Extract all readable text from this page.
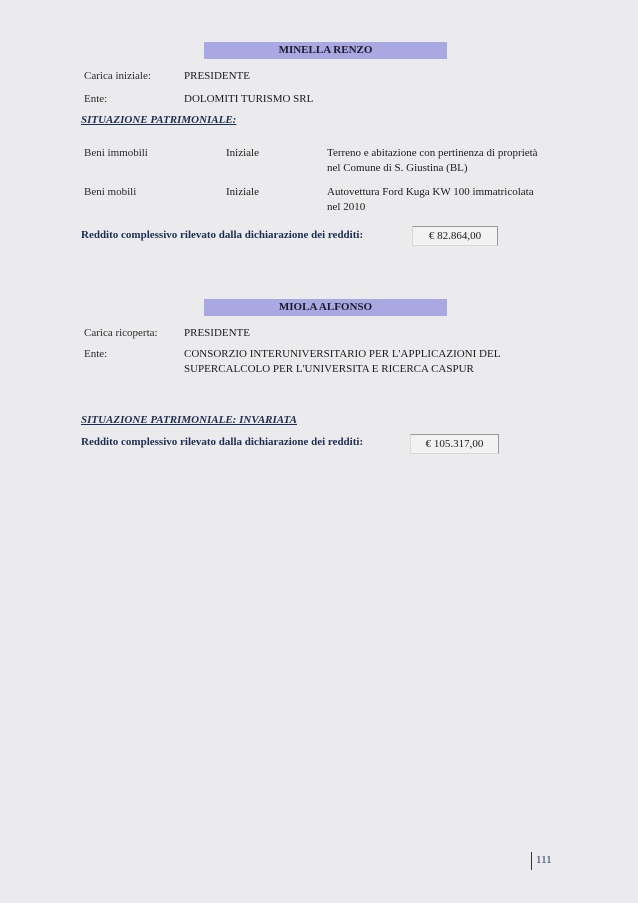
MINELLA RENZO
Carica iniziale:	PRESIDENTE
Ente:	DOLOMITI TURISMO SRL
SITUAZIONE PATRIMONIALE:
Beni immobili	Iniziale	Terreno e abitazione con pertinenza di proprietà
nel Comune di S. Giustina (BL)
Beni mobili	Iniziale	Autovettura Ford Kuga KW 100 immatricolata
nel 2010
Reddito complessivo rilevato dalla dichiarazione dei redditi:	€ 82.864,00
MIOLA ALFONSO
Carica ricoperta: PRESIDENTE
Ente:	CONSORZIO INTERUNIVERSITARIO PER L'APPLICAZIONI DEL
SUPERCALCOLO PER L'UNIVERSITA E RICERCA CASPUR
SITUAZIONE PATRIMONIALE: INVARIATA
Reddito complessivo rilevato dalla dichiarazione dei redditi:	€ 105.317,00
111
